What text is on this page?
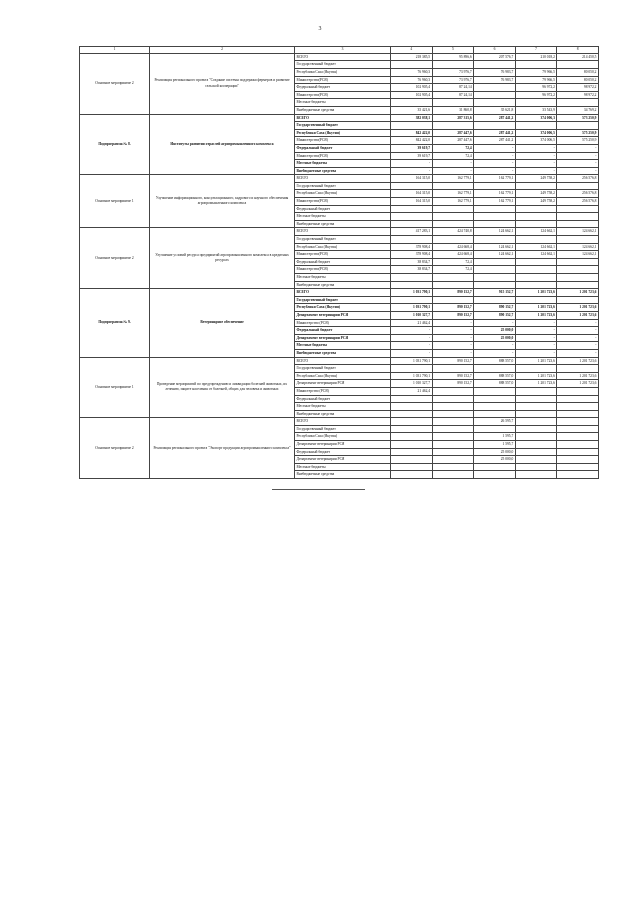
3
1	2	3	4	5	6	7	8
Основное мероприятие 2	Реализация регионального проекта "Создание системы поддержки фермеров и развитие сельской кооперации"	ВСЕГО	218 385,5	95 896,6	207 576,7	210 018,2	214 450,5
		Государственный бюджет					
		Республики Саха (Якутия)	76 960,3	73 976,7	76 983,7	79 966,5	80 050,2
		Министерство(РСЯ)	76 960,3	73 976,7	76 983,7	79 966,5	80 050,2
		Федеральный бюджет	102 905,4	87 24,14		96 972,2	98 972,2
		Министерство(РСЯ)	102 905,4	87 24,14		96 972,2	98 972,2
		Местные бюджеты					
		Внебюджетные средства	35 421,6	31 860,8	35 621,8	33 543,9	34 769,2
Подпрограмма № 8.	Институты развития отраслей агропромышленного комплекса	ВСЕГО	382 038,1	287 315,6	287 441,2	374 006,3	573 250,9
		Государственный бюджет					
		Республики Саха (Якутия)	842 422,0	287 447,6	287 441,2	374 006,5	575 250,9
		Министерство(РСЯ)	842 422,0	287 447,6	287 441,2	374 006,5	575 250,9
		Федеральный бюджет	39 619,7	72,4	-	-	-
		Министерство(РСЯ)	39 619,7	72,4	-	-	-
		Местные бюджеты	-	-	-	-	-
		Внебюджетные средства	-	-	-	-	-
Основное мероприятие 1	Улучшение информационного, консультационного, кадрового и научного обеспечения агропромышленного комплекса	ВСЕГО	164 315,0	162 779,1	162 779,1	249 758,2	256 576,8
		Государственный бюджет					
		Республики Саха (Якутия)	164 315,0	162 779,1	162 779,1	249 758,2	256 576,8
		Министерство(РСЯ)	164 315,0	162 779,1	162 779,1	249 758,2	256 576,8
		Федеральный бюджет					
		Местные бюджеты					
		Внебюджетные средства					
Основное мероприятие 2	Улучшение условий ресурса предприятий агропромышленного комплекса в кредитных ресурсах	ВСЕГО	417 283,1	424 740,8	124 662,1	124 662,1	124 662,1
		Государственный бюджет					
		Республики Саха (Якутия)	378 908,4	424 668,4	124 662,1	124 662,1	124 662,1
		Министерство(РСЯ)	378 908,4	424 668,4	124 662,1	124 662,1	124 662,1
		Федеральный бюджет	38 834,7	72,4			
		Министерство(РСЯ)	38 834,7	72,4			
		Местные бюджеты					
		Внебюджетные средства					
Подпрограмма № 9.	Ветеринарное обеспечение	ВСЕГО	1 031 790,1	890 152,7	915 152,7	1 201 723,6	1 201 723,6
		Государственный бюджет					
		Республики Саха (Якутия)	1 031 790,1	890 152,7	890 152,7	1 201 723,6	1 201 723,6
		Департамент ветеринарии РСЯ	1 010 327,7	890 152,7	890 152,7	1 201 723,6	1 201 723,6
		Министерство (РСЯ)	21 462,4	-	-	-	-
		Федеральный бюджет	-	-	25 000,0	-	-
		Департамент ветеринарии РСЯ	-	-	25 000,0	-	-
		Местные бюджеты	-	-	-	-	-
		Внебюджетные средства	-	-	-	-	-
Основное мероприятие 1	Проведение мероприятий по предупреждению и ликвидации болезней животных, их лечению, защите населения от болезней, общих для человека и животных	ВСЕГО	1 031 790,1	890 152,7	888 557,0	1 201 723,6	1 201 723,6
		Государственный бюджет					
		Республики Саха (Якутия)	1 031 790,1	890 152,7	888 557,0	1 201 723,6	1 201 723,6
		Департамент ветеринарии РСЯ	1 010 327,7	890 152,7	888 557,0	1 201 723,6	1 201 723,6
		Министерство (РСЯ)	21 462,4				
		Федеральный бюджет					
		Местные бюджеты					
		Внебюджетные средства					
Основное мероприятие 2	Реализация регионального проекта "Экспорт продукции агропромышленного комплекса"	ВСЕГО			26 595,7		
		Государственный бюджет					
		Республики Саха (Якутия)			1 595,7		
		Департамент ветеринарии РСЯ			1 595,7		
		Федеральный бюджет			25 000,0		
		Департамент ветеринарии РСЯ			25 000,0		
		Местные бюджеты					
		Внебюджетные средства					
